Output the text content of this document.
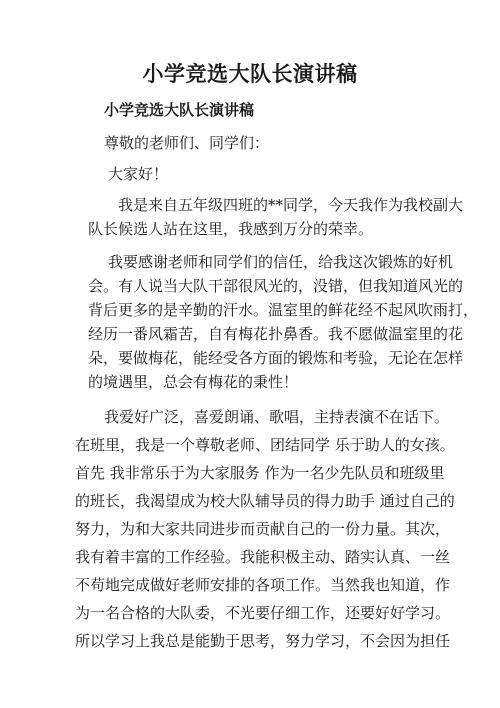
小学竞选大队长演讲稿
小学竞选大队长演讲稿
尊敬的老师们、同学们：
大家好！
我是来自五年级四班的**同学，今天我作为我校副大
队长候选人站在这里，我感到万分的荣幸。
我要感谢老师和同学们的信任，给我这次锻炼的好机
会。有人说当大队干部很风光的，没错，但我知道风光的
背后更多的是辛勤的汗水。温室里的鲜花经不起风吹雨打，
经历一番风霜苦，自有梅花扑鼻香。我不愿做温室里的花
朵，要做梅花，能经受各方面的锻炼和考验，无论在怎样
的境遇里，总会有梅花的秉性！
我爱好广泛，喜爱朗诵、歌唱，主持表演不在话下。
在班里，我是一个尊敬老师、团结同学 乐于助人的女孩。
首先 我非常乐于为大家服务 作为一名少先队员和班级里
的班长，我渴望成为校大队辅导员的得力助手 通过自己的
努力，为和大家共同进步而贡献自己的一份力量。其次，
我有着丰富的工作经验。我能积极主动、踏实认真、一丝
不苟地完成做好老师安排的各项工作。当然我也知道，作
为一名合格的大队委，不光要仔细工作，还要好好学习。
所以学习上我总是能勤于思考，努力学习，不会因为担任
